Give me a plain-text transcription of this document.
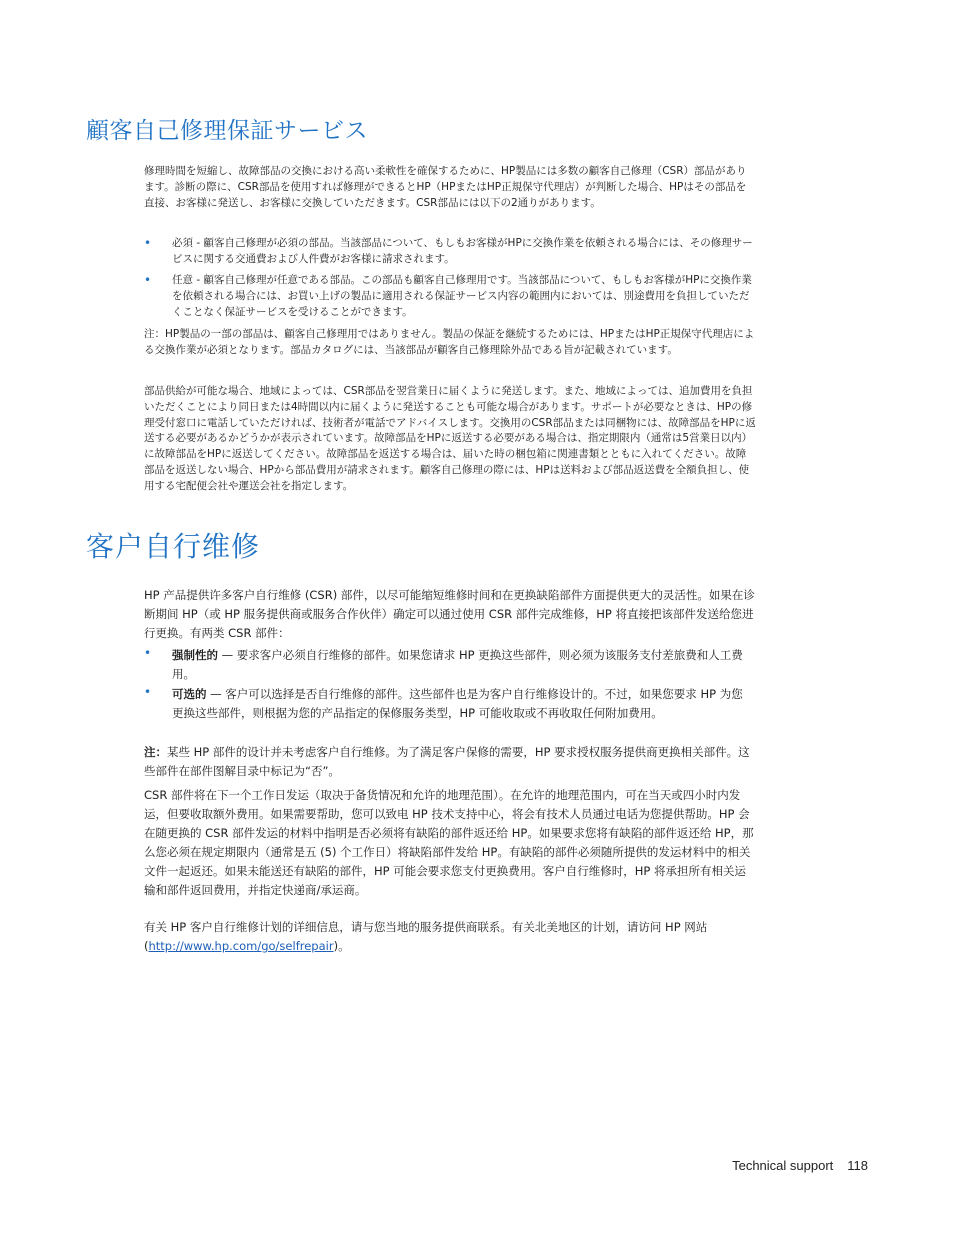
顧客自己修理保証サービス

修理時間を短縮し、故障部品の交換における高い柔軟性を確保するために、HP製品には多数の顧客自己修理（CSR）部品があります。診断の際に、CSR部品を使用すれば修理ができるとHP（HPまたはHP正規保守代理店）が判断した場合、HPはその部品を直接、お客様に発送し、お客様に交換していただきます。CSR部品には以下の2通りがあります。

• 必須 - 顧客自己修理が必須の部品。当該部品について、もしもお客様がHPに交換作業を依頼される場合には、その修理サービスに関する交通費および人件費がお客様に請求されます。

• 任意 - 顧客自己修理が任意である部品。この部品も顧客自己修理用です。当該部品について、もしもお客様がHPに交換作業を依頼される場合には、お買い上げの製品に適用される保証サービス内容の範囲内においては、別途費用を負担していただくことなく保証サービスを受けることができます。

注：HP製品の一部の部品は、顧客自己修理用ではありません。製品の保証を継続するためには、HPまたはHP正規保守代理店による交換作業が必須となります。部品カタログには、当該部品が顧客自己修理除外品である旨が記載されています。

部品供給が可能な場合、地域によっては、CSR部品を翌営業日に届くように発送します。また、地域によっては、追加費用を負担いただくことにより同日または4時間以内に届くように発送することも可能な場合があります。サポートが必要なときは、HPの修理受付窓口に電話していただければ、技術者が電話でアドバイスします。交換用のCSR部品または同梱物には、故障部品をHPに返送する必要があるかどうかが表示されています。故障部品をHPに返送する必要がある場合は、指定期限内（通常は5営業日以内）に故障部品をHPに返送してください。故障部品を返送する場合は、届いた時の梱包箱に関連書類とともに入れてください。故障部品を返送しない場合、HPから部品費用が請求されます。顧客自己修理の際には、HPは送料および部品返送費を全額負担し、使用する宅配便会社や運送会社を指定します。

客户自行维修

HP 产品提供许多客户自行维修 (CSR) 部件，以尽可能缩短维修时间和在更换缺陷部件方面提供更大的灵活性。如果在诊断期间 HP（或 HP 服务提供商或服务合作伙伴）确定可以通过使用 CSR 部件完成维修，HP 将直接把该部件发送给您进行更换。有两类 CSR 部件：

• 强制性的 — 要求客户必须自行维修的部件。如果您请求 HP 更换这些部件，则必须为该服务支付差旅费和人工费用。

• 可选的 — 客户可以选择是否自行维修的部件。这些部件也是为客户自行维修设计的。不过，如果您要求 HP 为您更换这些部件，则根据为您的产品指定的保修服务类型，HP 可能收取或不再收取任何附加费用。

注：某些 HP 部件的设计并未考虑客户自行维修。为了满足客户保修的需要，HP 要求授权服务提供商更换相关部件。这些部件在部件图解目录中标记为“否”。

CSR 部件将在下一个工作日发运（取决于备货情况和允许的地理范围）。在允许的地理范围内，可在当天或四小时内发运，但要收取额外费用。如果需要帮助，您可以致电 HP 技术支持中心，将会有技术人员通过电话为您提供帮助。HP 会在随更换的 CSR 部件发运的材料中指明是否必须将有缺陷的部件返还给 HP。如果要求您将有缺陷的部件返还给 HP，那么您必须在规定期限内（通常是五 (5) 个工作日）将缺陷部件发给 HP。有缺陷的部件必须随所提供的发运材料中的相关文件一起返还。如果未能送还有缺陷的部件，HP 可能会要求您支付更换费用。客户自行维修时，HP 将承担所有相关运输和部件返回费用，并指定快递商/承运商。

有关 HP 客户自行维修计划的详细信息，请与您当地的服务提供商联系。有关北美地区的计划，请访问 HP 网站 (http://www.hp.com/go/selfrepair)。

Technical support 118
